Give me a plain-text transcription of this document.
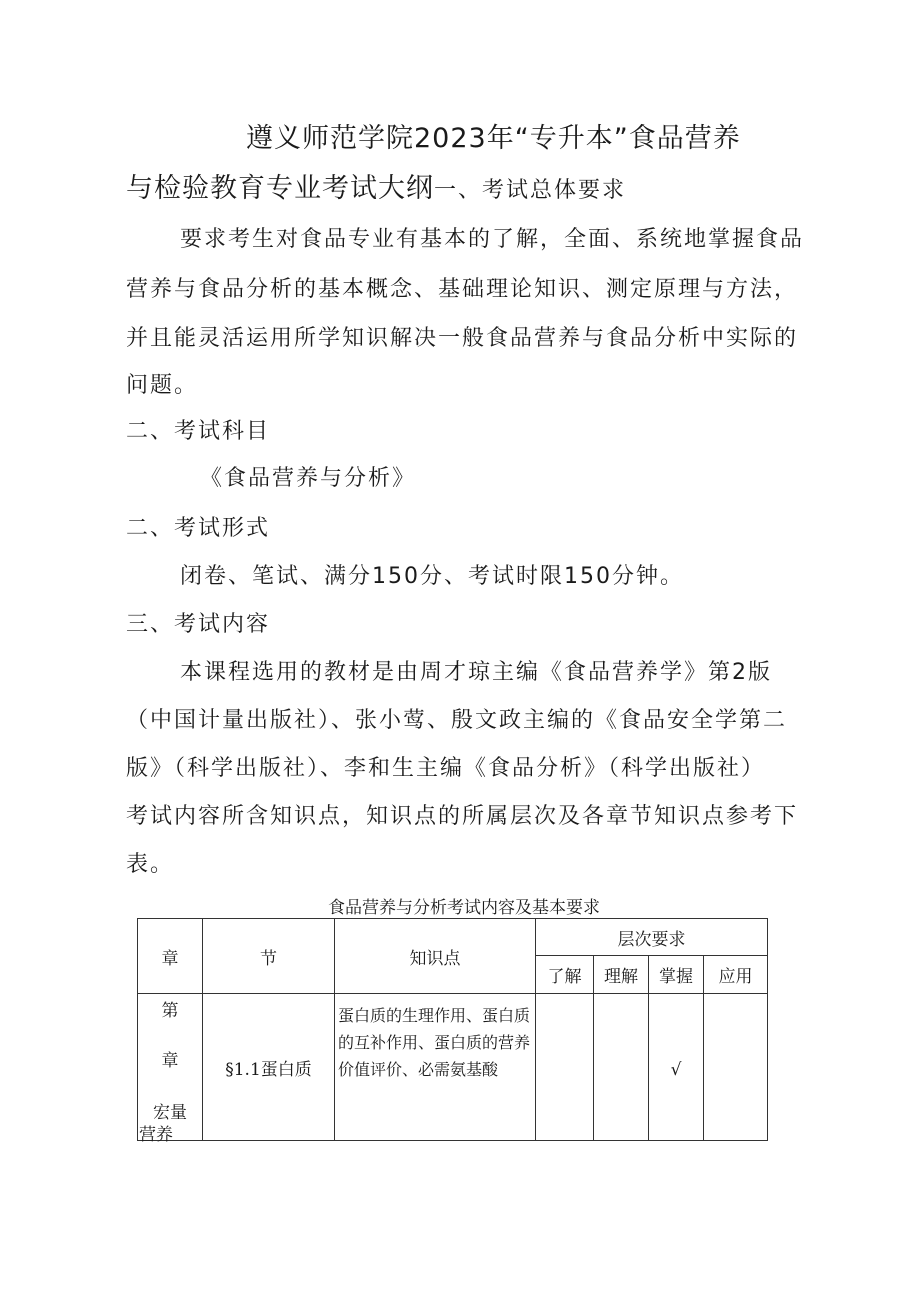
遵义师范学院2023年“专升本”食品营养
与检验教育专业考试大纲一、考试总体要求
要求考生对食品专业有基本的了解，全面、系统地掌握食品
营养与食品分析的基本概念、基础理论知识、测定原理与方法，
并且能灵活运用所学知识解决一般食品营养与食品分析中实际的
问题。
二、考试科目
《食品营养与分析》
二、考试形式
闭卷、笔试、满分150分、考试时限150分钟。
三、考试内容
本课程选用的教材是由周才琼主编《食品营养学》第2版
（中国计量出版社）、张小莺、殷文政主编的《食品安全学第二
版》（科学出版社）、李和生主编《食品分析》（科学出版社）
考试内容所含知识点，知识点的所属层次及各章节知识点参考下
表。
食品营养与分析考试内容及基本要求
章	节	知识点	层次要求			
			了解	理解	掌握	应用

第
章
宏量
营养	§1.1蛋白质	蛋白质的生理作用、蛋白质的互补作用、蛋白质的营养价值评价、必需氨基酸			√	
